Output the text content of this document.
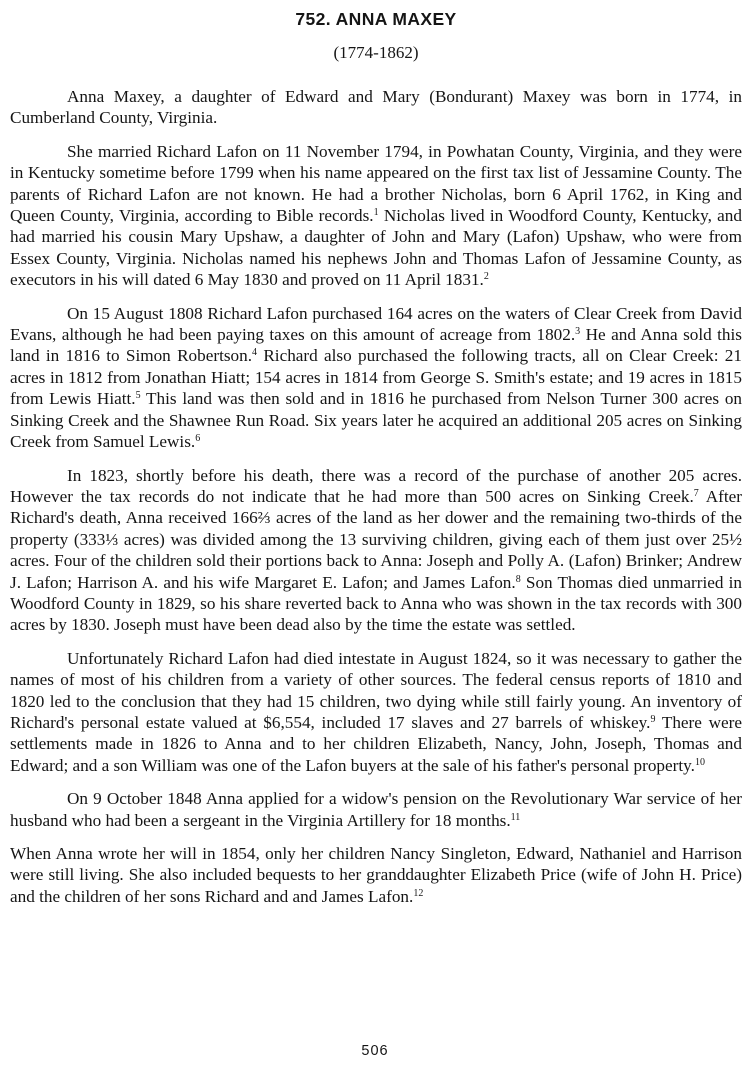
752. ANNA MAXEY

(1774-1862)

Anna Maxey, a daughter of Edward and Mary (Bondurant) Maxey was born in 1774, in Cumberland County, Virginia.

She married Richard Lafon on 11 November 1794, in Powhatan County, Virginia, and they were in Kentucky sometime before 1799 when his name appeared on the first tax list of Jessamine County. The parents of Richard Lafon are not known. He had a brother Nicholas, born 6 April 1762, in King and Queen County, Virginia, according to Bible records.$^1$ Nicholas lived in Woodford County, Kentucky, and had married his cousin Mary Upshaw, a daughter of John and Mary (Lafon) Upshaw, who were from Essex County, Virginia. Nicholas named his nephews John and Thomas Lafon of Jessamine County, as executors in his will dated 6 May 1830 and proved on 11 April 1831.$^2$

On 15 August 1808 Richard Lafon purchased 164 acres on the waters of Clear Creek from David Evans, although he had been paying taxes on this amount of acreage from 1802.$^3$ He and Anna sold this land in 1816 to Simon Robertson.$^4$ Richard also purchased the following tracts, all on Clear Creek: 21 acres in 1812 from Jonathan Hiatt; 154 acres in 1814 from George S. Smith's estate; and 19 acres in 1815 from Lewis Hiatt.$^5$ This land was then sold and in 1816 he purchased from Nelson Turner 300 acres on Sinking Creek and the Shawnee Run Road. Six years later he acquired an additional 205 acres on Sinking Creek from Samuel Lewis.$^6$

In 1823, shortly before his death, there was a record of the purchase of another 205 acres. However the tax records do not indicate that he had more than 500 acres on Sinking Creek.$^7$ After Richard's death, Anna received 166⅔ acres of the land as her dower and the remaining two-thirds of the property (333⅓ acres) was divided among the 13 surviving children, giving each of them just over 25½ acres. Four of the children sold their portions back to Anna: Joseph and Polly A. (Lafon) Brinker; Andrew J. Lafon; Harrison A. and his wife Margaret E. Lafon; and James Lafon.$^8$ Son Thomas died unmarried in Woodford County in 1829, so his share reverted back to Anna who was shown in the tax records with 300 acres by 1830. Joseph must have been dead also by the time the estate was settled.

Unfortunately Richard Lafon had died intestate in August 1824, so it was necessary to gather the names of most of his children from a variety of other sources. The federal census reports of 1810 and 1820 led to the conclusion that they had 15 children, two dying while still fairly young. An inventory of Richard's personal estate valued at $6,554, included 17 slaves and 27 barrels of whiskey.$^9$ There were settlements made in 1826 to Anna and to her children Elizabeth, Nancy, John, Joseph, Thomas and Edward; and a son William was one of the Lafon buyers at the sale of his father's personal property.$^{10}$

On 9 October 1848 Anna applied for a widow's pension on the Revolutionary War service of her husband who had been a sergeant in the Virginia Artillery for 18 months.$^{11}$

When Anna wrote her will in 1854, only her children Nancy Singleton, Edward, Nathaniel and Harrison were still living. She also included bequests to her granddaughter Elizabeth Price (wife of John H. Price) and the children of her sons Richard and and James Lafon.$^{12}$

506
